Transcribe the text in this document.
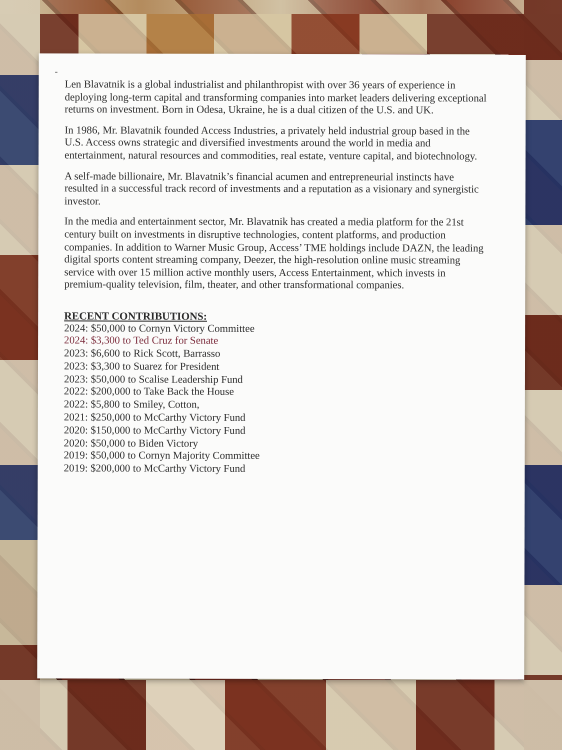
-

Len Blavatnik is a global industrialist and philanthropist with over 36 years of experience in deploying long-term capital and transforming companies into market leaders delivering exceptional returns on investment. Born in Odesa, Ukraine, he is a dual citizen of the U.S. and UK.

In 1986, Mr. Blavatnik founded Access Industries, a privately held industrial group based in the U.S. Access owns strategic and diversified investments around the world in media and entertainment, natural resources and commodities, real estate, venture capital, and biotechnology.

A self-made billionaire, Mr. Blavatnik’s financial acumen and entrepreneurial instincts have resulted in a successful track record of investments and a reputation as a visionary and synergistic investor.

In the media and entertainment sector, Mr. Blavatnik has created a media platform for the 21st century built on investments in disruptive technologies, content platforms, and production companies. In addition to Warner Music Group, Access’ TME holdings include DAZN, the leading digital sports content streaming company, Deezer, the high-resolution online music streaming service with over 15 million active monthly users, Access Entertainment, which invests in premium-quality television, film, theater, and other transformational companies.

RECENT CONTRIBUTIONS:
2024: $50,000 to Cornyn Victory Committee
2024: $3,300 to Ted Cruz for Senate
2023: $6,600 to Rick Scott, Barrasso
2023: $3,300 to Suarez for President
2023: $50,000 to Scalise Leadership Fund
2022: $200,000 to Take Back the House
2022: $5,800 to Smiley, Cotton,
2021: $250,000 to McCarthy Victory Fund
2020: $150,000 to McCarthy Victory Fund
2020: $50,000 to Biden Victory
2019: $50,000 to Cornyn Majority Committee
2019: $200,000 to McCarthy Victory Fund
